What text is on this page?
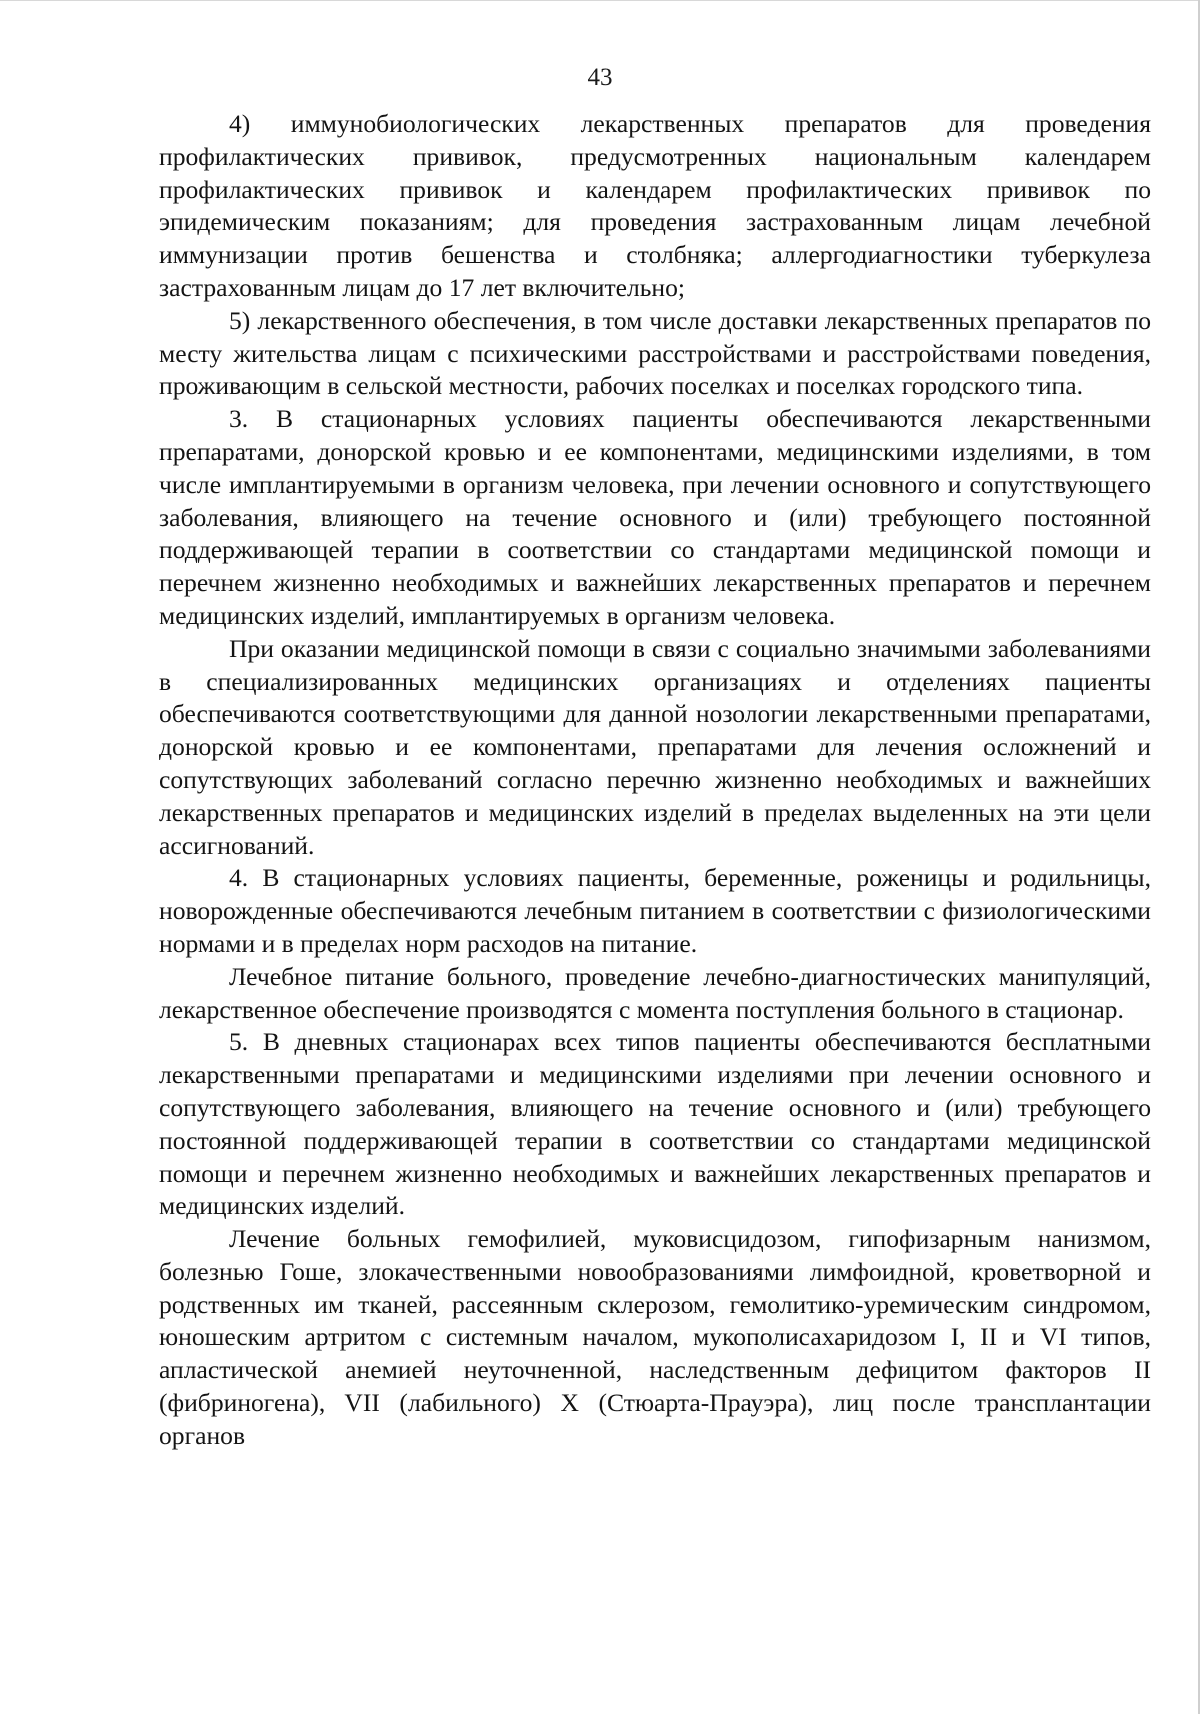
43

4) иммунобиологических лекарственных препаратов для проведения профилактических прививок, предусмотренных национальным календарем профилактических прививок и календарем профилактических прививок по эпидемическим показаниям; для проведения застрахованным лицам лечебной иммунизации против бешенства и столбняка; аллергодиагностики туберкулеза застрахованным лицам до 17 лет включительно;

5) лекарственного обеспечения, в том числе доставки лекарственных препаратов по месту жительства лицам с психическими расстройствами и расстройствами поведения, проживающим в сельской местности, рабочих поселках и поселках городского типа.

3. В стационарных условиях пациенты обеспечиваются лекарственными препаратами, донорской кровью и ее компонентами, медицинскими изделиями, в том числе имплантируемыми в организм человека, при лечении основного и сопутствующего заболевания, влияющего на течение основного и (или) требующего постоянной поддерживающей терапии в соответствии со стандартами медицинской помощи и перечнем жизненно необходимых и важнейших лекарственных препаратов и перечнем медицинских изделий, имплантируемых в организм человека.

При оказании медицинской помощи в связи с социально значимыми заболеваниями в специализированных медицинских организациях и отделениях пациенты обеспечиваются соответствующими для данной нозологии лекарственными препаратами, донорской кровью и ее компонентами, препаратами для лечения осложнений и сопутствующих заболеваний согласно перечню жизненно необходимых и важнейших лекарственных препаратов и медицинских изделий в пределах выделенных на эти цели ассигнований.

4. В стационарных условиях пациенты, беременные, роженицы и родильницы, новорожденные обеспечиваются лечебным питанием в соответствии с физиологическими нормами и в пределах норм расходов на питание.

Лечебное питание больного, проведение лечебно-диагностических манипуляций, лекарственное обеспечение производятся с момента поступления больного в стационар.

5. В дневных стационарах всех типов пациенты обеспечиваются бесплатными лекарственными препаратами и медицинскими изделиями при лечении основного и сопутствующего заболевания, влияющего на течение основного и (или) требующего постоянной поддерживающей терапии в соответствии со стандартами медицинской помощи и перечнем жизненно необходимых и важнейших лекарственных препаратов и медицинских изделий.

Лечение больных гемофилией, муковисцидозом, гипофизарным нанизмом, болезнью Гоше, злокачественными новообразованиями лимфоидной, кроветворной и родственных им тканей, рассеянным склерозом, гемолитико-уремическим синдромом, юношеским артритом с системным началом, мукополисахаридозом I, II и VI типов, апластической анемией неуточненной, наследственным дефицитом факторов II (фибриногена), VII (лабильного) X (Стюарта-Прауэра), лиц после трансплантации органов
